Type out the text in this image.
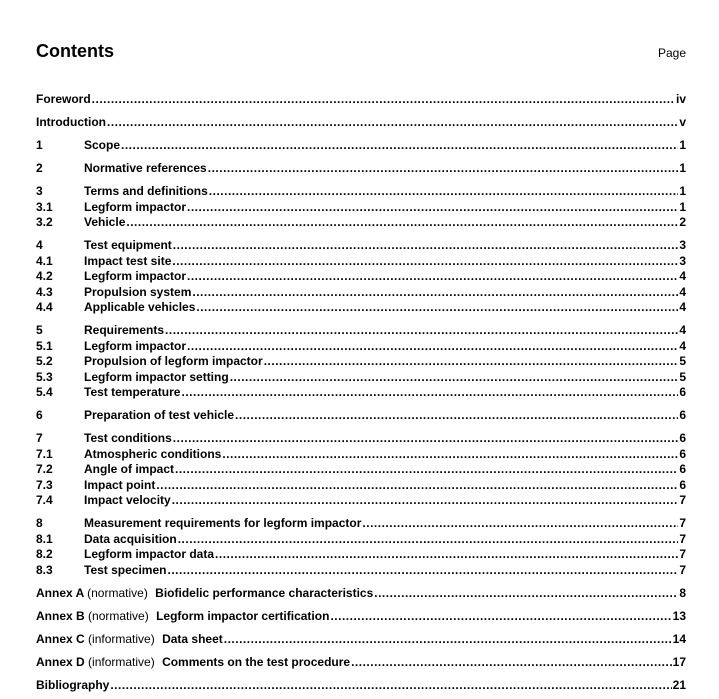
Contents	Page
Foreword .....	iv
Introduction .....	v
1	Scope .....	1
2	Normative references .....	1
3	Terms and definitions .....	1
3.1	Legform impactor .....	1
3.2	Vehicle .....	2
4	Test equipment .....	3
4.1	Impact test site .....	3
4.2	Legform impactor .....	4
4.3	Propulsion system .....	4
4.4	Applicable vehicles .....	4
5	Requirements .....	4
5.1	Legform impactor .....	4
5.2	Propulsion of legform impactor .....	5
5.3	Legform impactor setting .....	5
5.4	Test temperature .....	6
6	Preparation of test vehicle .....	6
7	Test conditions .....	6
7.1	Atmospheric conditions .....	6
7.2	Angle of impact .....	6
7.3	Impact point .....	6
7.4	Impact velocity .....	7
8	Measurement requirements for legform impactor .....	7
8.1	Data acquisition .....	7
8.2	Legform impactor data .....	7
8.3	Test specimen .....	7
Annex A (normative) Biofidelic performance characteristics .....	8
Annex B (normative) Legform impactor certification .....	13
Annex C (informative) Data sheet .....	14
Annex D (informative) Comments on the test procedure .....	17
Bibliography .....	21
